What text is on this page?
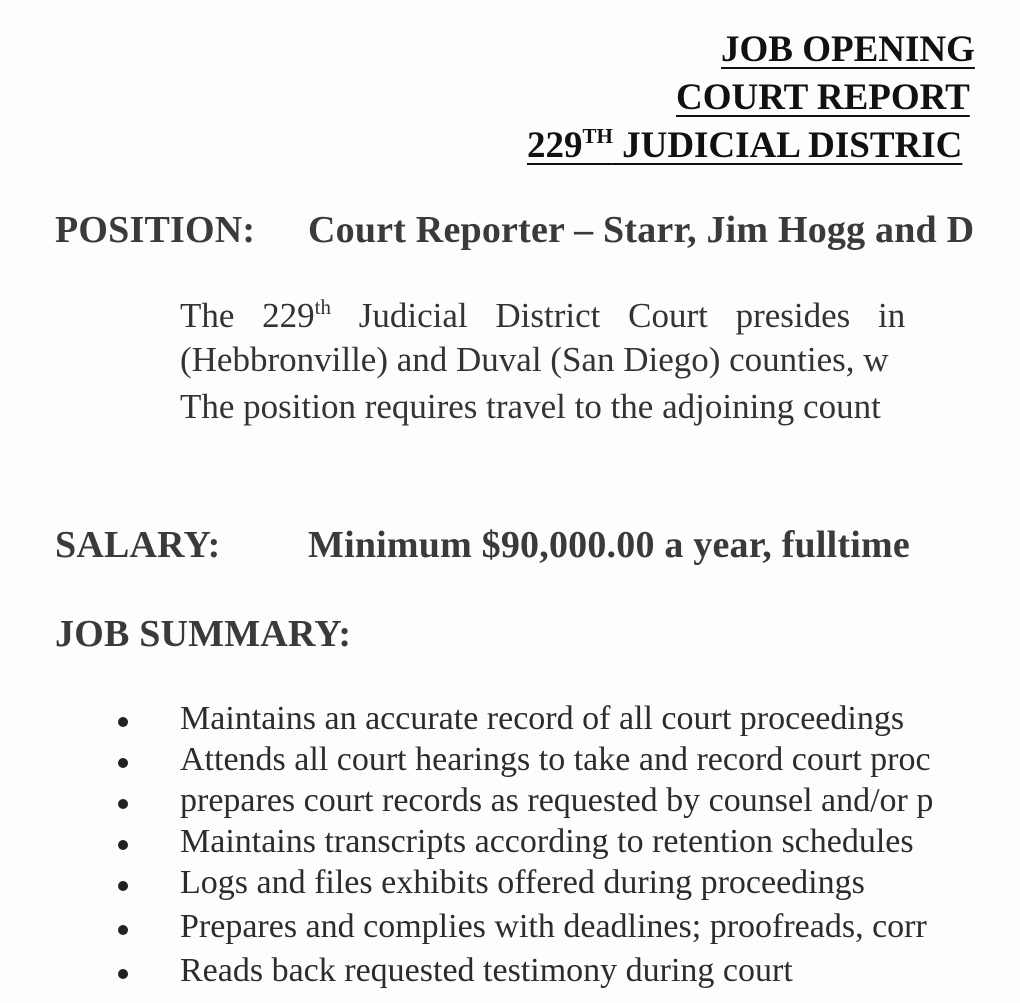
JOB OPENING
COURT REPORT
229TH JUDICIAL DISTRIC
POSITION: Court Reporter – Starr, Jim Hogg and D
The 229th Judicial District Court presides in
(Hebbronville) and Duval (San Diego) counties, w
The position requires travel to the adjoining count
SALARY: Minimum $90,000.00 a year, fulltime
JOB SUMMARY:
Maintains an accurate record of all court proceedings
Attends all court hearings to take and record court proc
prepares court records as requested by counsel and/or p
Maintains transcripts according to retention schedules
Logs and files exhibits offered during proceedings
Prepares and complies with deadlines; proofreads, corr
Reads back requested testimony during court
